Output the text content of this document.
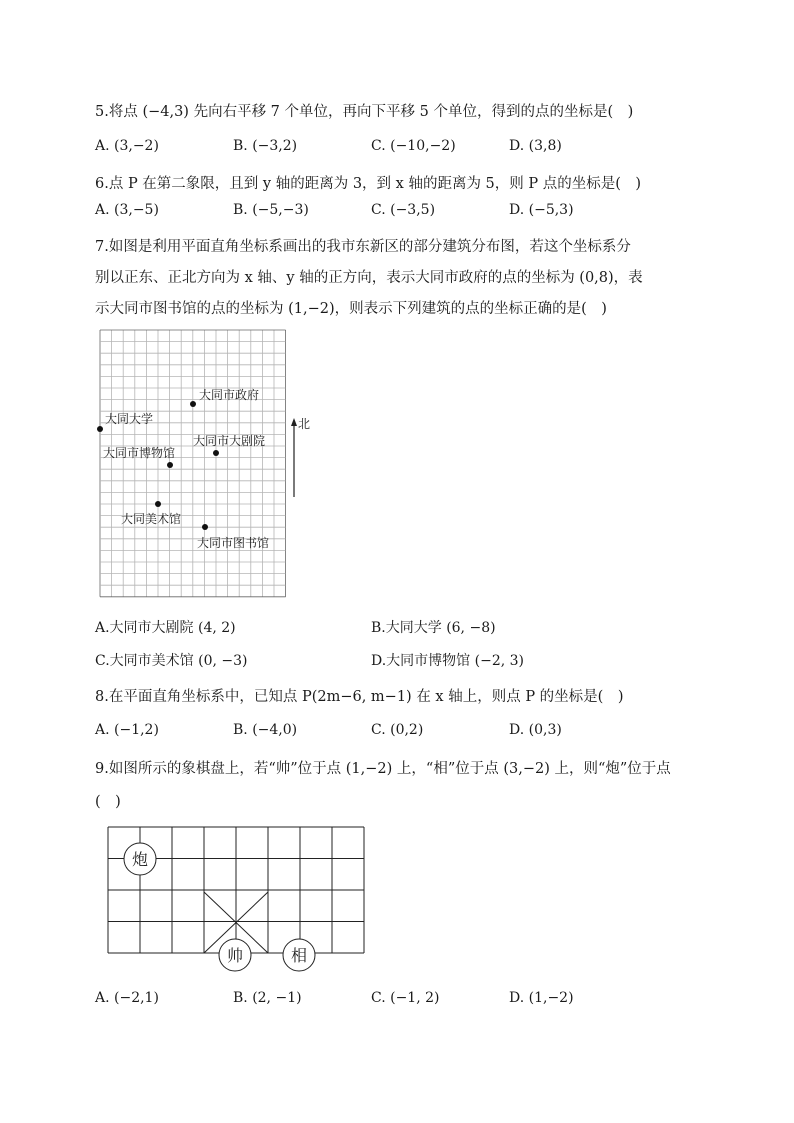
5.将点 (−4,3) 先向右平移 7 个单位，再向下平移 5 个单位，得到的点的坐标是(　)
A. (3,−2)	B. (−3,2)	C. (−10,−2)	D. (3,8)
6.点 P 在第二象限，且到 y 轴的距离为 3，到 x 轴的距离为 5，则 P 点的坐标是(　)
A. (3,−5)	B. (−5,−3)	C. (−3,5)	D. (−5,3)
7.如图是利用平面直角坐标系画出的我市东新区的部分建筑分布图，若这个坐标系分
别以正东、正北方向为 x 轴、y 轴的正方向，表示大同市政府的点的坐标为 (0,8)，表
示大同市图书馆的点的坐标为 (1,−2)，则表示下列建筑的点的坐标正确的是(　)
北
大同市政府
大同大学
大同市大剧院
大同市博物馆
大同美术馆
大同市图书馆
A.大同市大剧院 (4, 2)	B.大同大学 (6, −8)
C.大同市美术馆 (0, −3)	D.大同市博物馆 (−2, 3)
8.在平面直角坐标系中，已知点 P(2m−6, m−1) 在 x 轴上，则点 P 的坐标是(　)
A. (−1,2)	B. (−4,0)	C. (0,2)	D. (0,3)
9.如图所示的象棋盘上，若“帅”位于点 (1,−2) 上，“相”位于点 (3,−2) 上，则“炮”位于点
(　)
炮
帅	相
A. (−2,1)	B. (2, −1)	C. (−1, 2)	D. (1,−2)
